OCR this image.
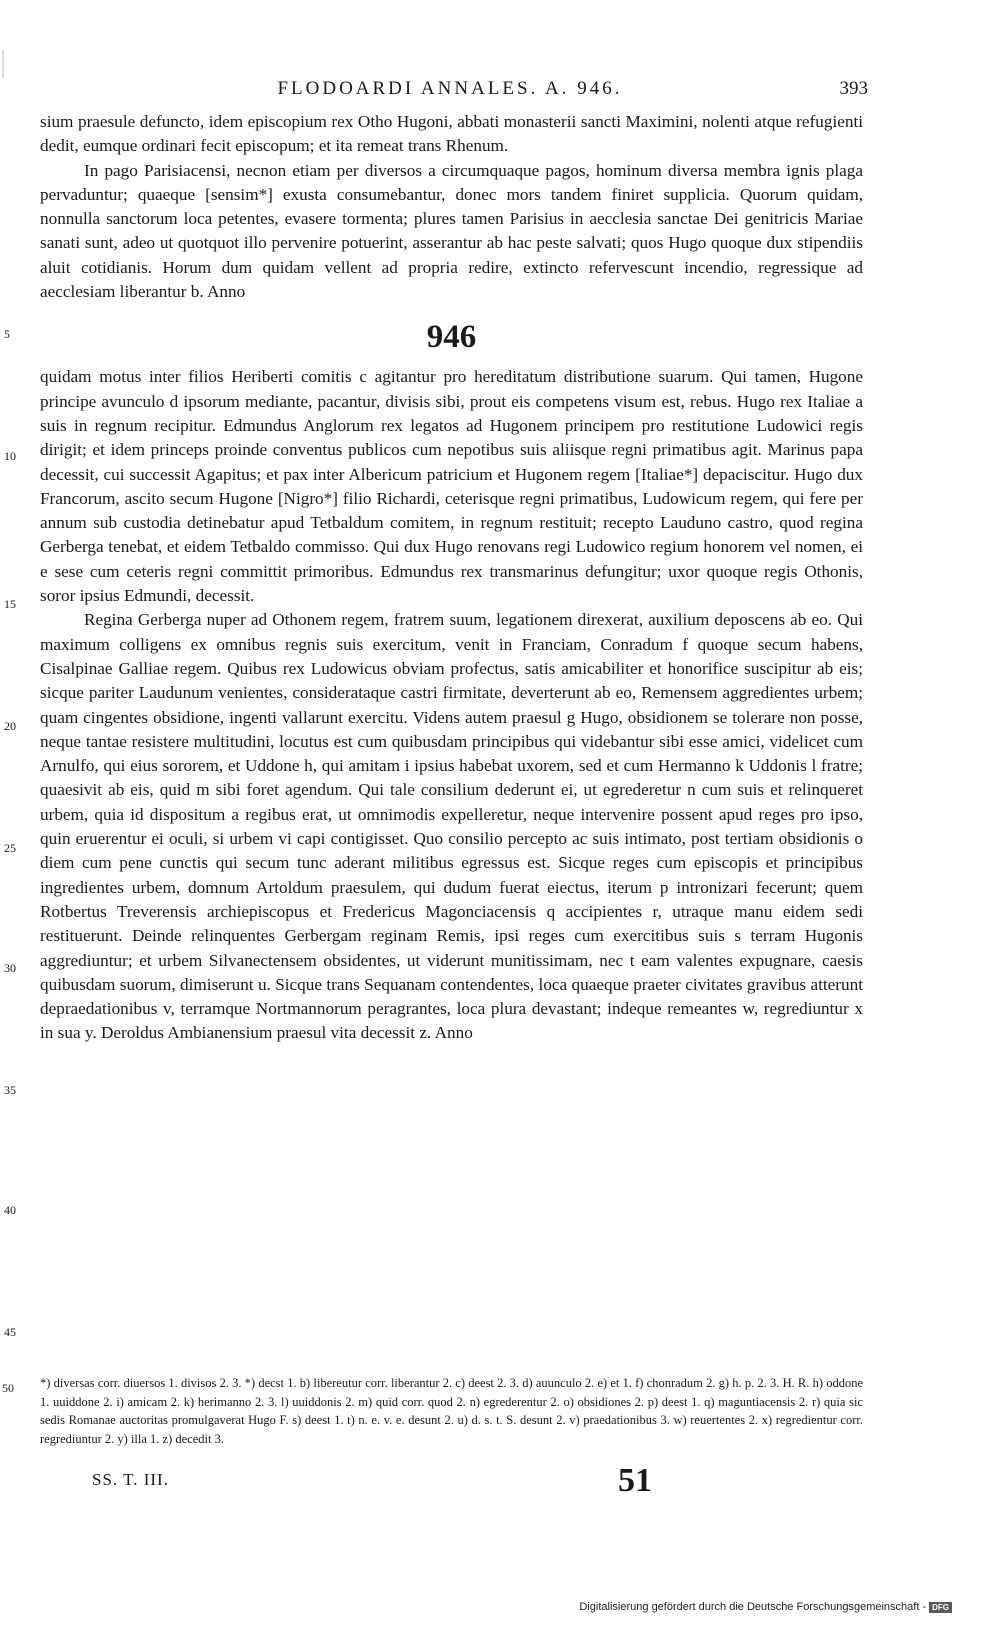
FLODOARDI ANNALES. A. 946.	393
5
10
15
20
25
30
35
40
45

sium praesule defuncto, idem episcopium rex Otho Hugoni, abbati monasterii sancti Maximini, nolenti atque refugienti dedit, eumque ordinari fecit episcopum; et ita remeat trans Rhenum.

In pago Parisiacensi, necnon etiam per diversos a circumquaque pagos, hominum diversa membra ignis plaga pervaduntur; quaeque [sensim*] exusta consumebantur, donec mors tandem finiret supplicia. Quorum quidam, nonnulla sanctorum loca petentes, evasere tormenta; plures tamen Parisius in aecclesia sanctae Dei genitricis Mariae sanati sunt, adeo ut quotquot illo pervenire potuerint, asserantur ab hac peste salvati; quos Hugo quoque dux stipendiis aluit cotidianis. Horum dum quidam vellent ad propria redire, extincto refervescunt incendio, regressique ad aecclesiam liberantur b. Anno

946

quidam motus inter filios Heriberti comitis c agitantur pro hereditatum distributione suarum. Qui tamen, Hugone principe avunculo d ipsorum mediante, pacantur, divisis sibi, prout eis competens visum est, rebus. Hugo rex Italiae a suis in regnum recipitur. Edmundus Anglorum rex legatos ad Hugonem principem pro restitutione Ludowici regis dirigit; et idem princeps proinde conventus publicos cum nepotibus suis aliisque regni primatibus agit. Marinus papa decessit, cui successit Agapitus; et pax inter Albericum patricium et Hugonem regem [Italiae*] depaciscitur. Hugo dux Francorum, ascito secum Hugone [Nigro*] filio Richardi, ceterisque regni primatibus, Ludowicum regem, qui fere per annum sub custodia detinebatur apud Tetbaldum comitem, in regnum restituit; recepto Lauduno castro, quod regina Gerberga tenebat, et eidem Tetbaldo commisso. Qui dux Hugo renovans regi Ludowico regium honorem vel nomen, ei e sese cum ceteris regni committit primoribus. Edmundus rex transmarinus defungitur; uxor quoque regis Othonis, soror ipsius Edmundi, decessit.

Regina Gerberga nuper ad Othonem regem, fratrem suum, legationem direxerat, auxilium deposcens ab eo. Qui maximum colligens ex omnibus regnis suis exercitum, venit in Franciam, Conradum f quoque secum habens, Cisalpinae Galliae regem. Quibus rex Ludowicus obviam profectus, satis amicabiliter et honorifice suscipitur ab eis; sicque pariter Laudunum venientes, considerataque castri firmitate, deverterunt ab eo, Remensem aggredientes urbem; quam cingentes obsidione, ingenti vallarunt exercitu. Videns autem praesul g Hugo, obsidionem se tolerare non posse, neque tantae resistere multitudini, locutus est cum quibusdam principibus qui videbantur sibi esse amici, videlicet cum Arnulfo, qui eius sororem, et Uddone h, qui amitam i ipsius habebat uxorem, sed et cum Hermanno k Uddonis l fratre; quaesivit ab eis, quid m sibi foret agendum. Qui tale consilium dederunt ei, ut egrederetur n cum suis et relinqueret urbem, quia id dispositum a regibus erat, ut omnimodis expelleretur, neque intervenire possent apud reges pro ipso, quin eruerentur ei oculi, si urbem vi capi contigisset. Quo consilio percepto ac suis intimato, post tertiam obsidionis o diem cum pene cunctis qui secum tunc aderant militibus egressus est. Sicque reges cum episcopis et principibus ingredientes urbem, domnum Artoldum praesulem, qui dudum fuerat eiectus, iterum p intronizari fecerunt; quem Rotbertus Treverensis archiepiscopus et Fredericus Magonciacensis q accipientes r, utraque manu eidem sedi restituerunt. Deinde relinquentes Gerbergam reginam Remis, ipsi reges cum exercitibus suis s terram Hugonis aggrediuntur; et urbem Silvanectensem obsidentes, ut viderunt munitissimam, nec t eam valentes expugnare, caesis quibusdam suorum, dimiserunt u. Sicque trans Sequanam contendentes, loca quaeque praeter civitates gravibus atterunt depraedationibus v, terramque Nortmannorum peragrantes, loca plura devastant; indeque remeantes w, regrediuntur x in sua y. Deroldus Ambianensium praesul vita decessit z. Anno

50 *) diversas corr. diuersos 1. divisos 2. 3. *) decst 1. b) libereutur corr. liberantur 2. c) deest 2. 3. d) auunculo 2. e) et 1. f) chonradum 2. g) h. p. 2. 3. H. R. h) oddone 1. uuiddone 2. i) amicam 2. k) herimanno 2. 3. l) uuiddonis 2. m) quid corr. quod 2. n) egrederentur 2. o) obsidiones 2. p) deest 1. q) maguntiacensis 2. r) quia sic sedis Romanae auctoritas promulgaverat Hugo F. s) deest 1. t) n. e. v. e. desunt 2. u) d. s. t. S. desunt 2. v) praedationibus 3. w) reuertentes 2. x) regredientur corr. regrediuntur 2. y) illa 1. z) decedit 3.
SS. T. III.	51
Digitalisierung gefördert durch die Deutsche Forschungsgemeinschaft - DFG
